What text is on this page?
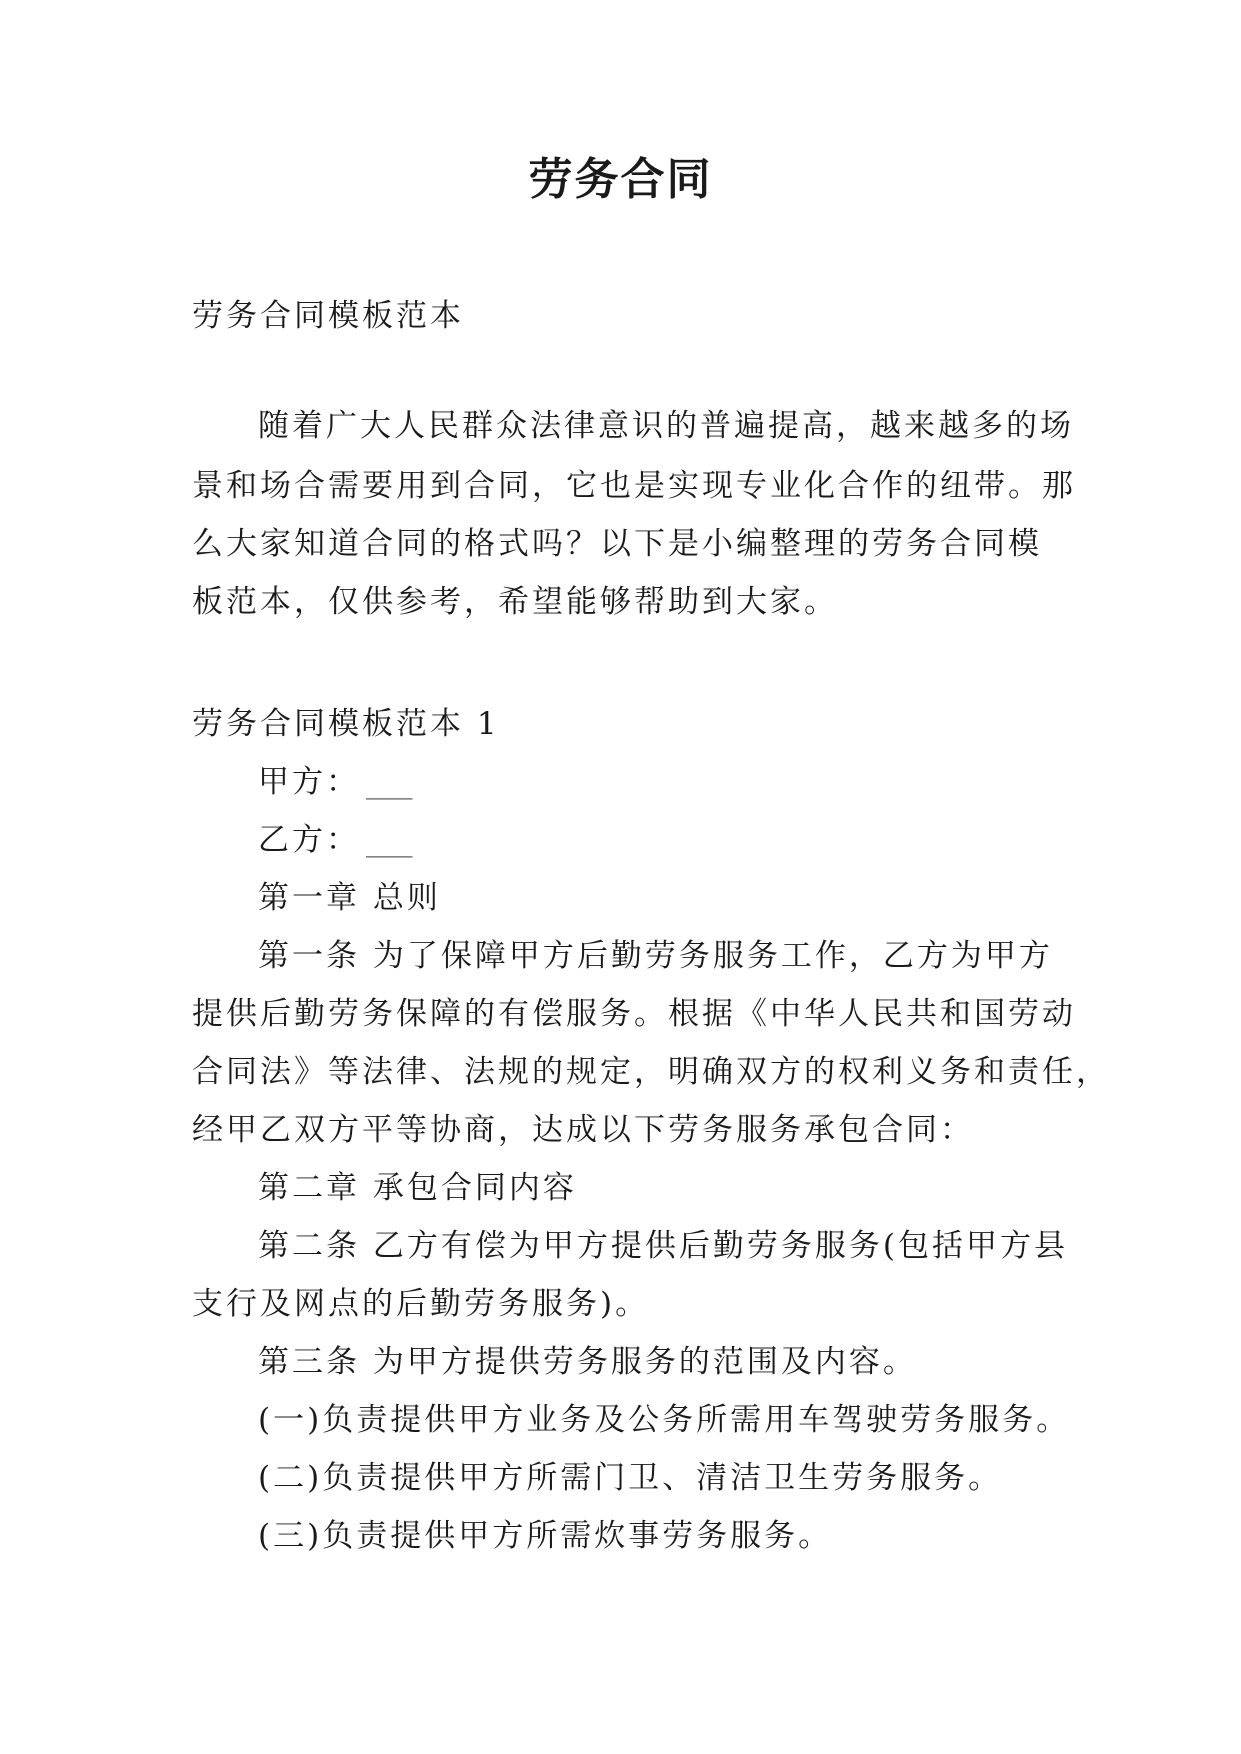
劳务合同
劳务合同模板范本
随着广大人民群众法律意识的普遍提高，越来越多的场
景和场合需要用到合同，它也是实现专业化合作的纽带。那
么大家知道合同的格式吗？以下是小编整理的劳务合同模
板范本，仅供参考，希望能够帮助到大家。
劳务合同模板范本 1
甲方： ___
乙方： ___
第一章 总则
第一条 为了保障甲方后勤劳务服务工作，乙方为甲方
提供后勤劳务保障的有偿服务。根据《中华人民共和国劳动
合同法》等法律、法规的规定，明确双方的权利义务和责任，
经甲乙双方平等协商，达成以下劳务服务承包合同：
第二章 承包合同内容
第二条 乙方有偿为甲方提供后勤劳务服务(包括甲方县
支行及网点的后勤劳务服务)。
第三条 为甲方提供劳务服务的范围及内容。
(一)负责提供甲方业务及公务所需用车驾驶劳务服务。
(二)负责提供甲方所需门卫、清洁卫生劳务服务。
(三)负责提供甲方所需炊事劳务服务。
